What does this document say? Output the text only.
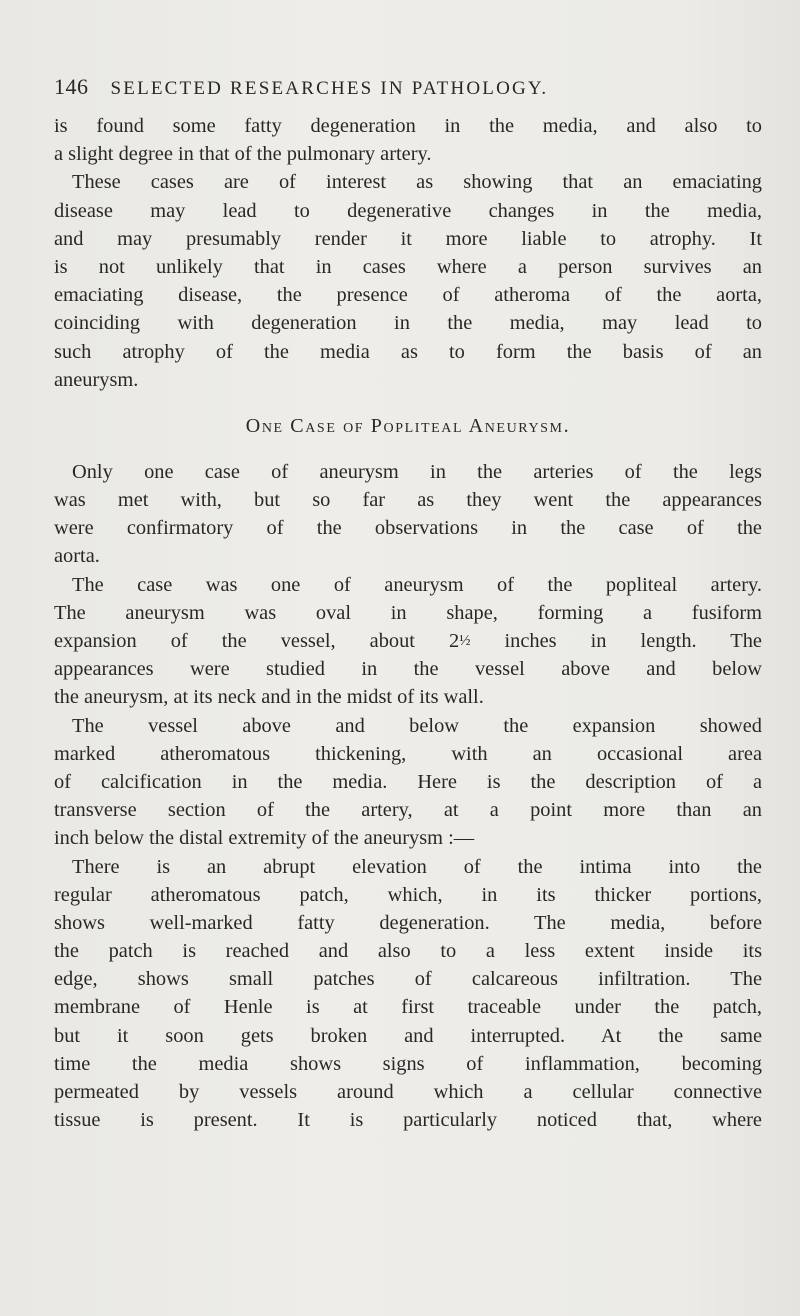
146 SELECTED RESEARCHES IN PATHOLOGY.
is found some fatty degeneration in the media, and also to
a slight degree in that of the pulmonary artery.
These cases are of interest as showing that an emaciating
disease may lead to degenerative changes in the media,
and may presumably render it more liable to atrophy. It
is not unlikely that in cases where a person survives an
emaciating disease, the presence of atheroma of the aorta,
coinciding with degeneration in the media, may lead to
such atrophy of the media as to form the basis of an
aneurysm.
One Case of Popliteal Aneurysm.
Only one case of aneurysm in the arteries of the legs
was met with, but so far as they went the appearances
were confirmatory of the observations in the case of the
aorta.
The case was one of aneurysm of the popliteal artery.
The aneurysm was oval in shape, forming a fusiform
expansion of the vessel, about 2½ inches in length. The
appearances were studied in the vessel above and below
the aneurysm, at its neck and in the midst of its wall.
The vessel above and below the expansion showed
marked atheromatous thickening, with an occasional area
of calcification in the media. Here is the description of a
transverse section of the artery, at a point more than an
inch below the distal extremity of the aneurysm :—
There is an abrupt elevation of the intima into the
regular atheromatous patch, which, in its thicker portions,
shows well-marked fatty degeneration. The media, before
the patch is reached and also to a less extent inside its
edge, shows small patches of calcareous infiltration. The
membrane of Henle is at first traceable under the patch,
but it soon gets broken and interrupted. At the same
time the media shows signs of inflammation, becoming
permeated by vessels around which a cellular connective
tissue is present. It is particularly noticed that, where
